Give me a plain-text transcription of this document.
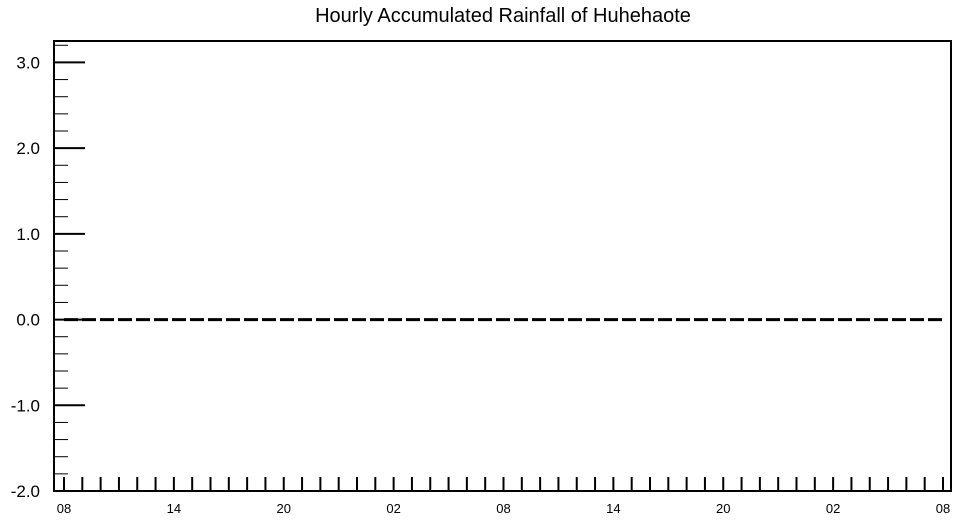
Hourly Accumulated Rainfall of Huhehaote
3.0
2.0
1.0
0.0
-1.0
-2.0
08	14	20	02	08	14	20	02	08
